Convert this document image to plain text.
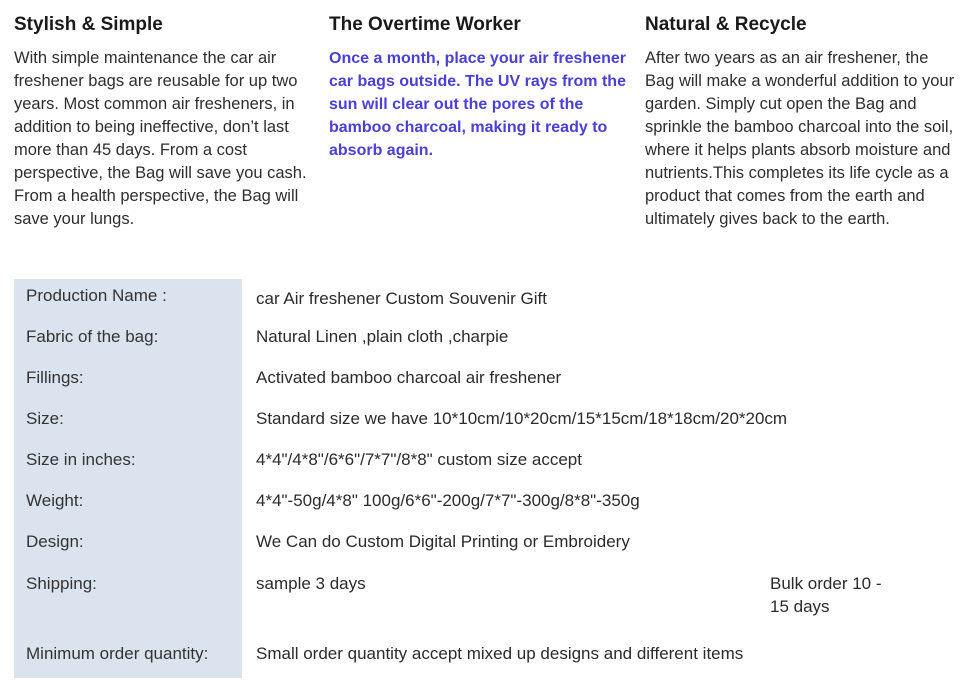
Stylish & Simple

With simple maintenance the car air freshener bags are reusable for up two years. Most common air fresheners, in addition to being ineffective, don’t last more than 45 days. From a cost perspective, the Bag will save you cash. From a health perspective, the Bag will save your lungs.

The Overtime Worker

Once a month, place your air freshener car bags outside. The UV rays from the sun will clear out the pores of the bamboo charcoal, making it ready to absorb again.

Natural & Recycle

After two years as an air freshener, the Bag will make a wonderful addition to your garden. Simply cut open the Bag and sprinkle the bamboo charcoal into the soil, where it helps plants absorb moisture and nutrients.This completes its life cycle as a product that comes from the earth and ultimately gives back to the earth.

Production Name :	car Air freshener Custom Souvenir Gift
Fabric of the bag:	Natural Linen ,plain cloth ,charpie
Fillings:	Activated bamboo charcoal air freshener
Size:	Standard size we have 10*10cm/10*20cm/15*15cm/18*18cm/20*20cm
Size in inches:	4*4"/4*8"/6*6"/7*7"/8*8" custom size accept
Weight:	4*4"-50g/4*8" 100g/6*6"-200g/7*7"-300g/8*8"-350g
Design:	We Can do Custom Digital Printing or Embroidery
Shipping:	sample 3 days	Bulk order 10 -
15 days
Minimum order quantity:	Small order quantity accept mixed up designs and different items
